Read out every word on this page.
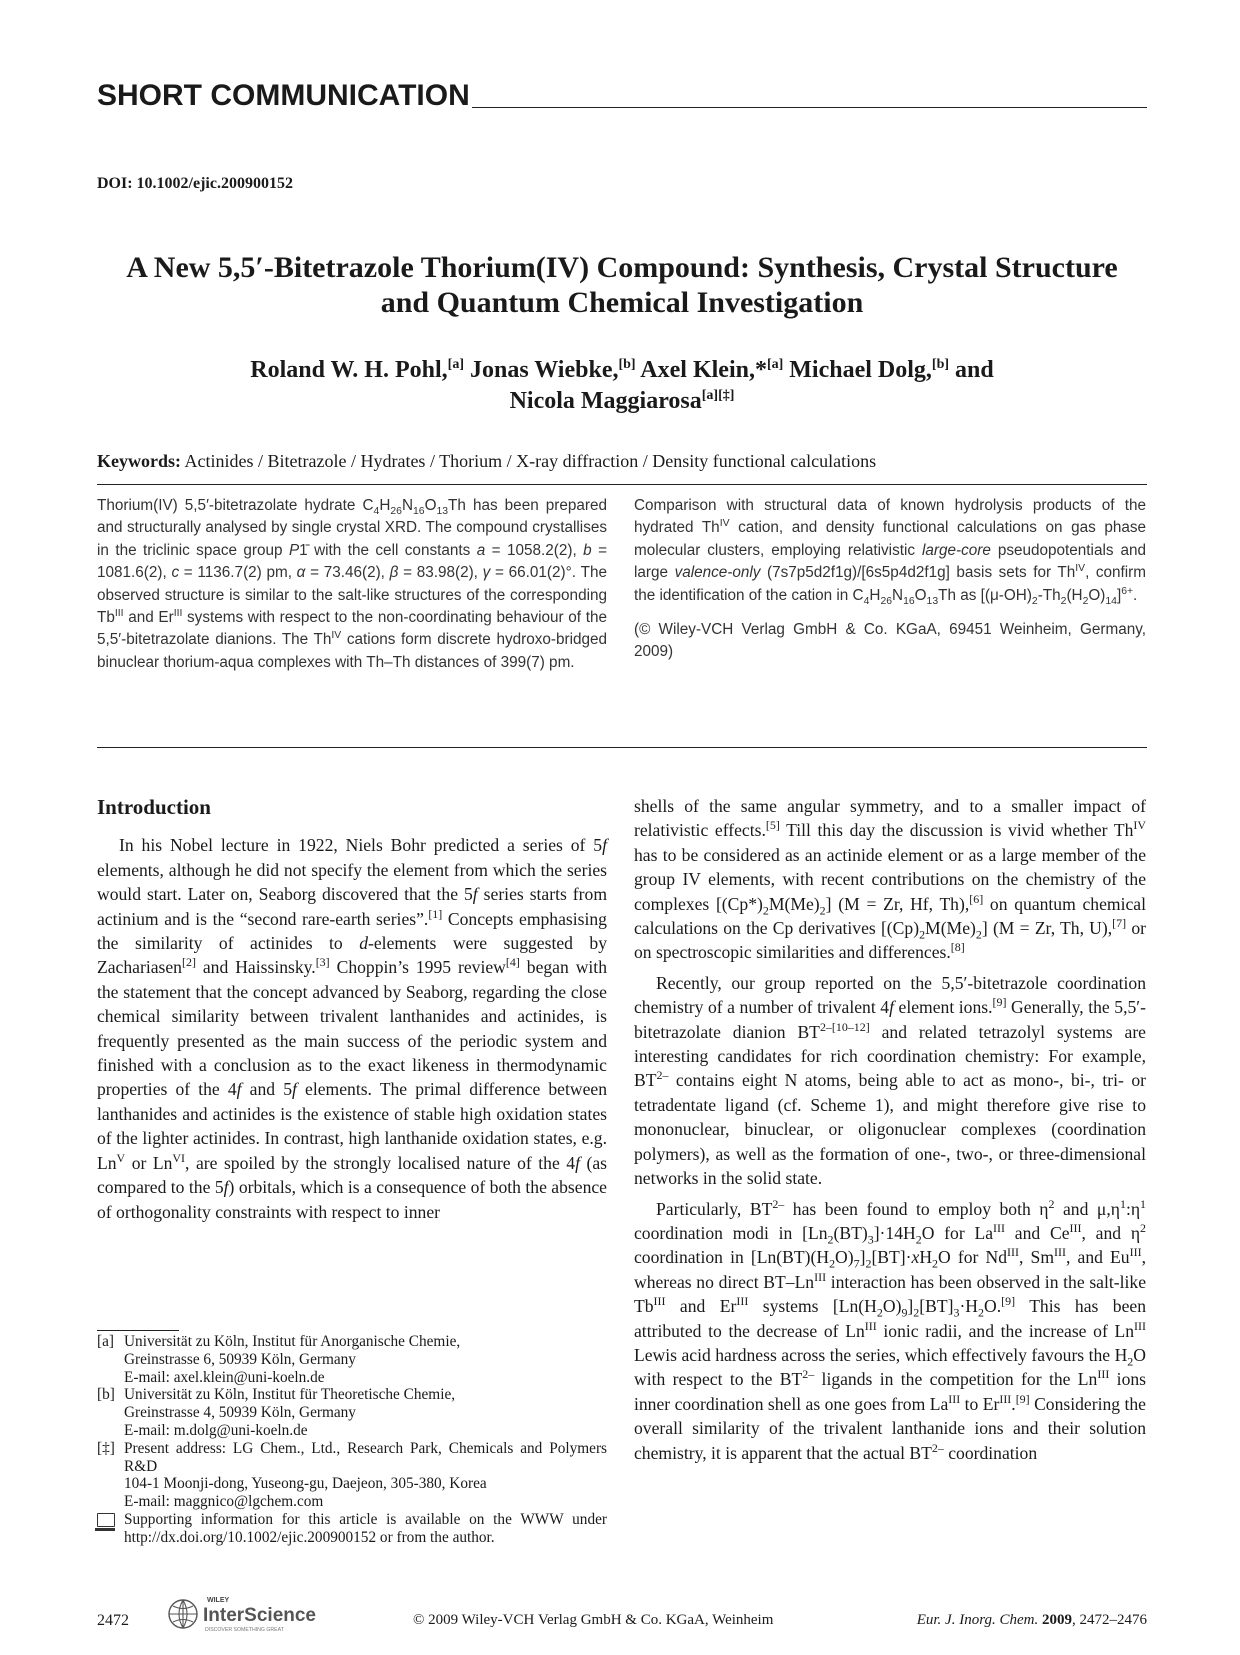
SHORT COMMUNICATION
DOI: 10.1002/ejic.200900152
A New 5,5′-Bitetrazole Thorium(IV) Compound: Synthesis, Crystal Structure
and Quantum Chemical Investigation
Roland W. H. Pohl,[a] Jonas Wiebke,[b] Axel Klein,*[a] Michael Dolg,[b] and
Nicola Maggiarosa[a][‡]
Keywords: Actinides / Bitetrazole / Hydrates / Thorium / X-ray diffraction / Density functional calculations

Thorium(IV) 5,5′-bitetrazolate hydrate $C_4H_{26}N_{16}O_{13}Th$ has been prepared and structurally analysed by single crystal XRD. The compound crystallises in the triclinic space group P1̄ with the cell constants a = 1058.2(2), b = 1081.6(2), c = 1136.7(2) pm, α = 73.46(2), β = 83.98(2), γ = 66.01(2)°. The observed structure is similar to the salt-like structures of the corresponding $Tb^{III}$ and $Er^{III}$ systems with respect to the non-coordinating behaviour of the 5,5′-bitetrazolate dianions. The $Th^{IV}$ cations form discrete hydroxo-bridged binuclear thorium-aqua complexes with Th–Th distances of 399(7) pm.

Comparison with structural data of known hydrolysis products of the hydrated $Th^{IV}$ cation, and density functional calculations on gas phase molecular clusters, employing relativistic large-core pseudopotentials and large valence-only (7s7p5d2f1g)/[6s5p4d2f1g] basis sets for $Th^{IV}$, confirm the identification of the cation in $C_4H_{26}N_{16}O_{13}Th$ as $[(\mu-OH)_2-Th_2(H_2O)_{14}]^{6+}$.

(© Wiley-VCH Verlag GmbH & Co. KGaA, 69451 Weinheim, Germany, 2009)

Introduction

In his Nobel lecture in 1922, Niels Bohr predicted a series of 5f elements, although he did not specify the element from which the series would start. Later on, Seaborg discovered that the 5f series starts from actinium and is the “second rare-earth series”.[1] Concepts emphasising the similarity of actinides to d-elements were suggested by Zachariasen[2] and Haissinsky.[3] Choppin’s 1995 review[4] began with the statement that the concept advanced by Seaborg, regarding the close chemical similarity between trivalent lanthanides and actinides, is frequently presented as the main success of the periodic system and finished with a conclusion as to the exact likeness in thermodynamic properties of the 4f and 5f elements. The primal difference between lanthanides and actinides is the existence of stable high oxidation states of the lighter actinides. In contrast, high lanthanide oxidation states, e.g. $Ln^V$ or $Ln^{VI}$, are spoiled by the strongly localised nature of the 4f (as compared to the 5f) orbitals, which is a consequence of both the absence of orthogonality constraints with respect to inner

[a] Universität zu Köln, Institut für Anorganische Chemie,
Greinstrasse 6, 50939 Köln, Germany
E-mail: axel.klein@uni-koeln.de
[b] Universität zu Köln, Institut für Theoretische Chemie,
Greinstrasse 4, 50939 Köln, Germany
E-mail: m.dolg@uni-koeln.de
[‡] Present address: LG Chem., Ltd., Research Park, Chemicals and Polymers R&D
104-1 Moonji-dong, Yuseong-gu, Daejeon, 305-380, Korea
E-mail: maggnico@lgchem.com
Supporting information for this article is available on the WWW under http://dx.doi.org/10.1002/ejic.200900152 or from the author.

shells of the same angular symmetry, and to a smaller impact of relativistic effects.[5] Till this day the discussion is vivid whether $Th^{IV}$ has to be considered as an actinide element or as a large member of the group IV elements, with recent contributions on the chemistry of the complexes $[(Cp*)_2M(Me)_2] (M = Zr$, Hf, Th),[6] on quantum chemical calculations on the Cp derivatives $[(Cp)_2M(Me)_2] (M = Zr$, Th, U),[7] or on spectroscopic similarities and differences.[8]

Recently, our group reported on the 5,5′-bitetrazole coordination chemistry of a number of trivalent 4f element ions.[9] Generally, the 5,5′-bitetrazolate dianion $BT^{2-[10-12]}$ and related tetrazolyl systems are interesting candidates for rich coordination chemistry: For example, $BT^{2-}$ contains eight N atoms, being able to act as mono-, bi-, tri- or tetradentate ligand (cf. Scheme 1), and might therefore give rise to mononuclear, binuclear, or oligonuclear complexes (coordination polymers), as well as the formation of one-, two-, or three-dimensional networks in the solid state.

Particularly, $BT^{2-}$ has been found to employ both $\eta^2$ and $\mu,\eta^1:\eta^1$ coordination modi in $[Ln_2(BT)_3]\cdot 14H_2O$ for $La^{III}$ and $Ce^{III}$, and $\eta^2$ coordination in $[Ln(BT)(H_2O)_7]_2[BT]\cdot xH_2O$ for $Nd^{III}$, $Sm^{III}$, and $Eu^{III}$, whereas no direct $BT-Ln^{III}$ interaction has been observed in the salt-like $Tb^{III}$ and $Er^{III}$ systems $[Ln(H_2O)_9]_2[BT]_3\cdot H_2O.[9]$ This has been attributed to the decrease of $Ln^{III}$ ionic radii, and the increase of $Ln^{III}$ Lewis acid hardness across the series, which effectively favours the $H_2O$ with respect to the $BT^{2-}$ ligands in the competition for the $Ln^{III}$ ions inner coordination shell as one goes from $La^{III}$ to $Er^{III}.[9]$ Considering the overall similarity of the trivalent lanthanide ions and their solution chemistry, it is apparent that the actual $BT^{2-}$ coordination

2472
WILEY
InterScience
DISCOVER SOMETHING GREAT
© 2009 Wiley-VCH Verlag GmbH & Co. KGaA, Weinheim	Eur. J. Inorg. Chem. 2009, 2472–2476
